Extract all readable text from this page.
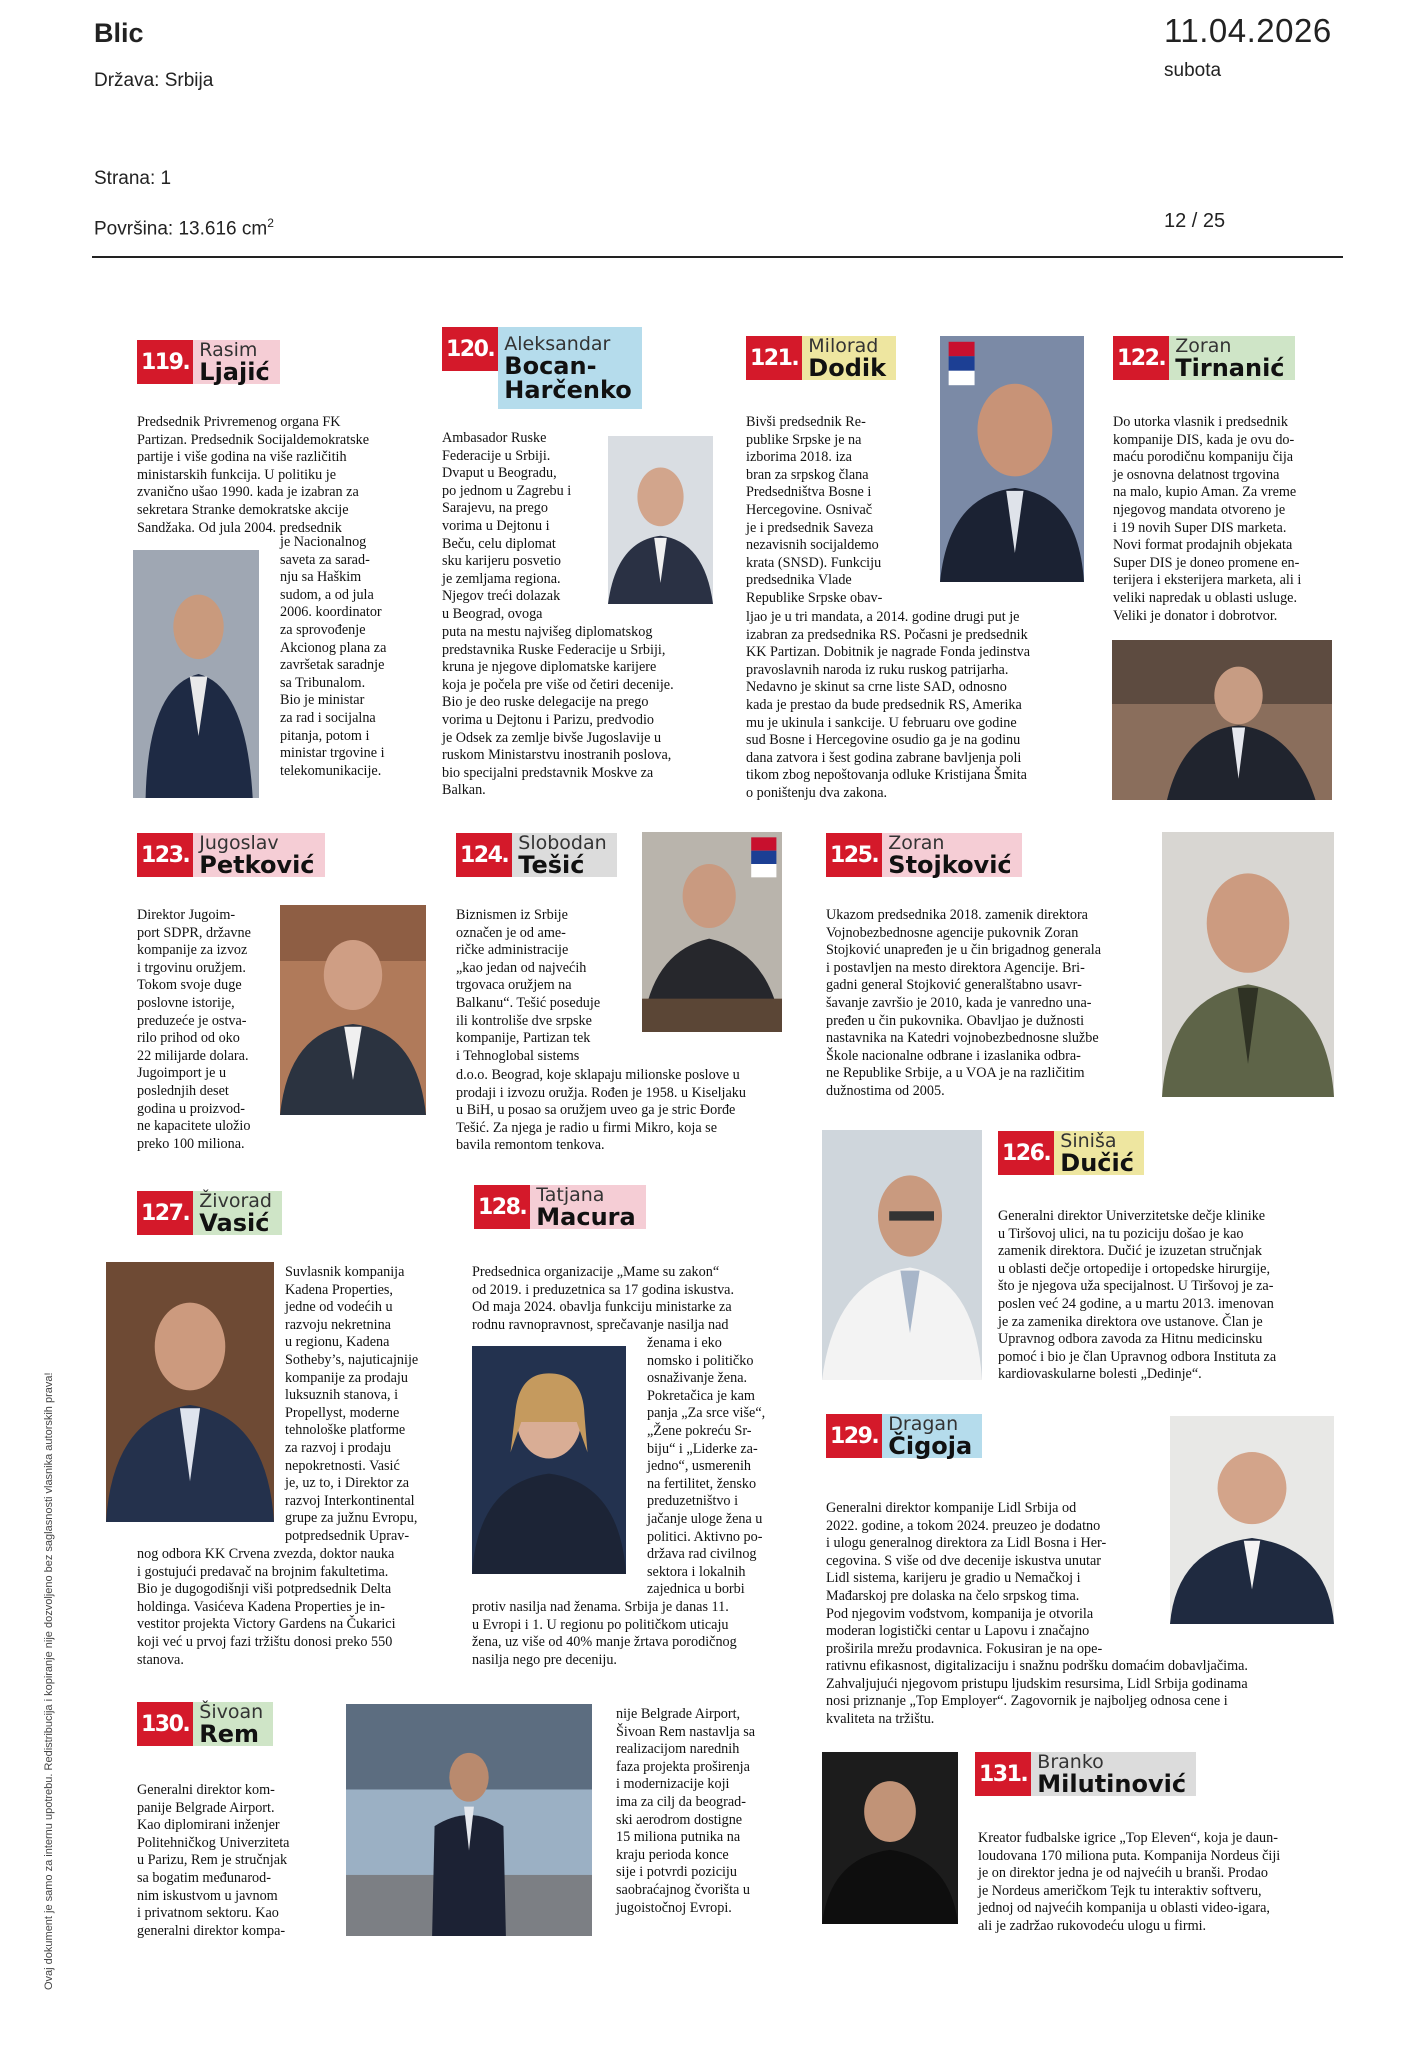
Blic
Država: Srbija
Strana: 1
Površina: 13.616 $cm^2$
11.04.2026
subota
12 / 25
Ovaj dokument je samo za internu upotrebu. Redistribucija i kopiranje nije dozvoljeno bez saglasnosti vlasnika autorskih prava!
119. Rasim
Ljajić
Predsednik Privremenog organa FK
Partizan. Predsednik Socijaldemokratske
partije i više godina na više različitih
ministarskih funkcija. U politiku je
zvanično ušao 1990. kada je izabran za
sekretara Stranke demokratske akcije
Sandžaka. Od jula 2004. predsednik
je Nacionalnog
saveta za sarad-
nju sa Haškim
sudom, a od jula
2006. koordinator
za sprovođenje
Akcionog plana za
završetak saradnje
sa Tribunalom.
Bio je ministar
za rad i socijalna
pitanja, potom i
ministar trgovine i
telekomunikacije.
120. Aleksandar
Bocan-
Harčenko
Ambasador Ruske
Federacije u Srbiji.
Dvaput u Beogradu,
po jednom u Zagrebu i
Sarajevu, na prego
vorima u Dejtonu i
Beču, celu diplomat
sku karijeru posvetio
je zemljama regiona.
Njegov treći dolazak
u Beograd, ovoga
puta na mestu najvišeg diplomatskog
predstavnika Ruske Federacije u Srbiji,
kruna je njegove diplomatske karijere
koja je počela pre više od četiri decenije.
Bio je deo ruske delegacije na prego
vorima u Dejtonu i Parizu, predvodio
je Odsek za zemlje bivše Jugoslavije u
ruskom Ministarstvu inostranih poslova,
bio specijalni predstavnik Moskve za
Balkan.
121. Milorad
Dodik
Bivši predsednik Re-
publike Srpske je na
izborima 2018. iza
bran za srpskog člana
Predsedništva Bosne i
Hercegovine. Osnivač
je i predsednik Saveza
nezavisnih socijaldemo
krata (SNSD). Funkciju
predsednika Vlade
Republike Srpske obav-
ljao je u tri mandata, a 2014. godine drugi put je
izabran za predsednika RS. Počasni je predsednik
KK Partizan. Dobitnik je nagrade Fonda jedinstva
pravoslavnih naroda iz ruku ruskog patrijarha.
Nedavno je skinut sa crne liste SAD, odnosno
kada je prestao da bude predsednik RS, Amerika
mu je ukinula i sankcije. U februaru ove godine
sud Bosne i Hercegovine osudio ga je na godinu
dana zatvora i šest godina zabrane bavljenja poli
tikom zbog nepoštovanja odluke Kristijana Šmita
o poništenju dva zakona.
122. Zoran
Tirnanić
Do utorka vlasnik i predsednik
kompanije DIS, kada je ovu do-
maću porodičnu kompaniju čija
je osnovna delatnost trgovina
na malo, kupio Aman. Za vreme
njegovog mandata otvoreno je
i 19 novih Super DIS marketa.
Novi format prodajnih objekata
Super DIS je doneo promene en-
terijera i eksterijera marketa, ali i
veliki napredak u oblasti usluge.
Veliki je donator i dobrotvor.
123. Jugoslav
Petković
Direktor Jugoim-
port SDPR, državne
kompanije za izvoz
i trgovinu oružjem.
Tokom svoje duge
poslovne istorije,
preduzeće je ostva-
rilo prihod od oko
22 milijarde dolara.
Jugoimport je u
poslednjih deset
godina u proizvod-
ne kapacitete uložio
preko 100 miliona.
124. Slobodan
Tešić
Biznismen iz Srbije
označen je od ame-
ričke administracije
„kao jedan od najvećih
trgovaca oružjem na
Balkanu“. Tešić poseduje
ili kontroliše dve srpske
kompanije, Partizan tek
i Tehnoglobal sistems
d.o.o. Beograd, koje sklapaju milionske poslove u
prodaji i izvozu oružja. Rođen je 1958. u Kiseljaku
u BiH, u posao sa oružjem uveo ga je stric Đorđe
Tešić. Za njega je radio u firmi Mikro, koja se
bavila remontom tenkova.
125. Zoran
Stojković
Ukazom predsednika 2018. zamenik direktora
Vojnobezbednosne agencije pukovnik Zoran
Stojković unapređen je u čin brigadnog generala
i postavljen na mesto direktora Agencije. Bri-
gadni general Stojković generalštabno usavr-
šavanje završio je 2010, kada je vanredno una-
pređen u čin pukovnika. Obavljao je dužnosti
nastavnika na Katedri vojnobezbednosne službe
Škole nacionalne odbrane i izaslanika odbra-
ne Republike Srbije, a u VOA je na različitim
dužnostima od 2005.
126. Siniša
Dučić
Generalni direktor Univerzitetske dečje klinike
u Tiršovoj ulici, na tu poziciju došao je kao
zamenik direktora. Dučić je izuzetan stručnjak
u oblasti dečje ortopedije i ortopedske hirurgije,
što je njegova uža specijalnost. U Tiršovoj je za-
poslen već 24 godine, a u martu 2013. imenovan
je za zamenika direktora ove ustanove. Član je
Upravnog odbora zavoda za Hitnu medicinsku
pomoć i bio je član Upravnog odbora Instituta za
kardiovaskularne bolesti „Dedinje“.
127. Živorad
Vasić
Suvlasnik kompanija
Kadena Properties,
jedne od vodećih u
razvoju nekretnina
u regionu, Kadena
Sotheby’s, najuticajnije
kompanije za prodaju
luksuznih stanova, i
Propellyst, moderne
tehnološke platforme
za razvoj i prodaju
nepokretnosti. Vasić
je, uz to, i Direktor za
razvoj Interkontinental
grupe za južnu Evropu,
potpredsednik Uprav-
nog odbora KK Crvena zvezda, doktor nauka
i gostujući predavač na brojnim fakultetima.
Bio je dugogodišnji viši potpredsednik Delta
holdinga. Vasićeva Kadena Properties je in-
vestitor projekta Victory Gardens na Čukarici
koji već u prvoj fazi tržištu donosi preko 550
stanova.
128. Tatjana
Macura
Predsednica organizacije „Mame su zakon“
od 2019. i preduzetnica sa 17 godina iskustva.
Od maja 2024. obavlja funkciju ministarke za
rodnu ravnopravnost, sprečavanje nasilja nad
ženama i eko
nomsko i političko
osnaživanje žena.
Pokretačica je kam
panja „Za srce više“,
„Žene pokreću Sr-
biju“ i „Liderke za-
jedno“, usmerenih
na fertilitet, žensko
preduzetništvo i
jačanje uloge žena u
politici. Aktivno po-
država rad civilnog
sektora i lokalnih
zajednica u borbi
protiv nasilja nad ženama. Srbija je danas 11.
u Evropi i 1. U regionu po političkom uticaju
žena, uz više od 40% manje žrtava porodičnog
nasilja nego pre deceniju.
129. Dragan
Čigoja
Generalni direktor kompanije Lidl Srbija od
2022. godine, a tokom 2024. preuzeo je dodatno
i ulogu generalnog direktora za Lidl Bosna i Her-
cegovina. S više od dve decenije iskustva unutar
Lidl sistema, karijeru je gradio u Nemačkoj i
Mađarskoj pre dolaska na čelo srpskog tima.
Pod njegovim vođstvom, kompanija je otvorila
moderan logistički centar u Lapovu i značajno
proširila mrežu prodavnica. Fokusiran je na ope-
rativnu efikasnost, digitalizaciju i snažnu podršku domaćim dobavljačima.
Zahvaljujući njegovom pristupu ljudskim resursima, Lidl Srbija godinama
nosi priznanje „Top Employer“. Zagovornik je najboljeg odnosa cene i
kvaliteta na tržištu.
130. Šivoan
Rem
Generalni direktor kom-
panije Belgrade Airport.
Kao diplomirani inženjer
Politehničkog Univerziteta
u Parizu, Rem je stručnjak
sa bogatim međunarod-
nim iskustvom u javnom
i privatnom sektoru. Kao
generalni direktor kompa-
nije Belgrade Airport,
Šivoan Rem nastavlja sa
realizacijom narednih
faza projekta proširenja
i modernizacije koji
ima za cilj da beograd-
ski aerodrom dostigne
15 miliona putnika na
kraju perioda konce
sije i potvrdi poziciju
saobraćajnog čvorišta u
jugoistočnoj Evropi.
131. Branko
Milutinović
Kreator fudbalske igrice „Top Eleven“, koja je daun-
loudovana 170 miliona puta. Kompanija Nordeus čiji
je on direktor jedna je od najvećih u branši. Prodao
je Nordeus američkom Tejk tu interaktiv softveru,
jednoj od najvećih kompanija u oblasti video-igara,
ali je zadržao rukovodeću ulogu u firmi.
